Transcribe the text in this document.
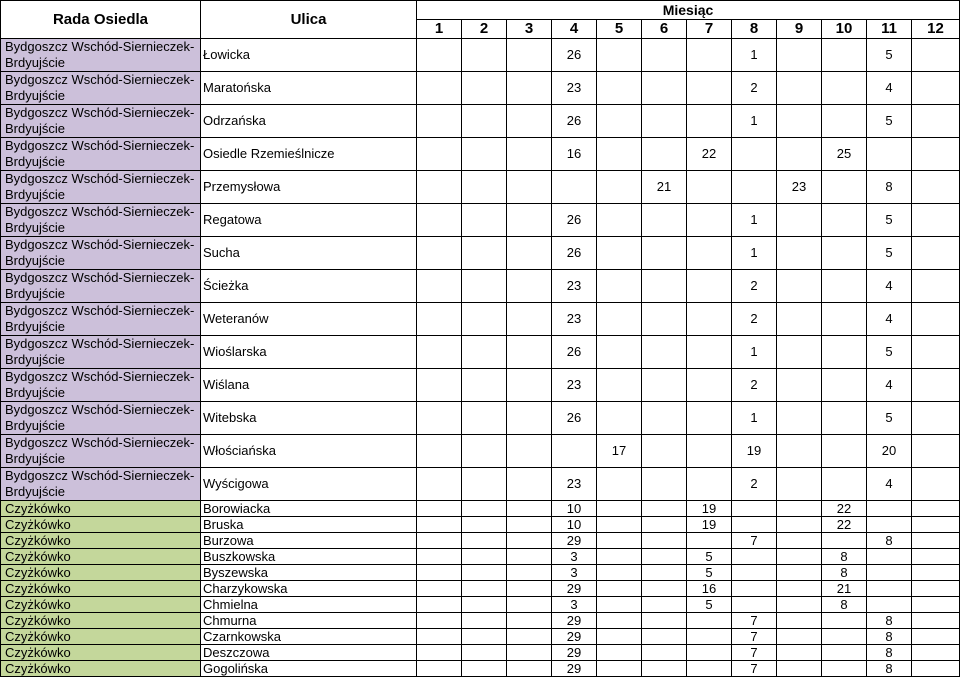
Rada Osiedla	Ulica	Miesiąc											
		1	2	3	4	5	6	7	8	9	10	11	12
Bydgoszcz Wschód-Siernieczek-Brdyujście	Łowicka				26				1			5	
Bydgoszcz Wschód-Siernieczek-Brdyujście	Maratońska				23				2			4	
Bydgoszcz Wschód-Siernieczek-Brdyujście	Odrzańska				26				1			5	
Bydgoszcz Wschód-Siernieczek-Brdyujście	Osiedle Rzemieślnicze				16			22			25		
Bydgoszcz Wschód-Siernieczek-Brdyujście	Przemysłowa						21			23		8	
Bydgoszcz Wschód-Siernieczek-Brdyujście	Regatowa				26				1			5	
Bydgoszcz Wschód-Siernieczek-Brdyujście	Sucha				26				1			5	
Bydgoszcz Wschód-Siernieczek-Brdyujście	Ścieżka				23				2			4	
Bydgoszcz Wschód-Siernieczek-Brdyujście	Weteranów				23				2			4	
Bydgoszcz Wschód-Siernieczek-Brdyujście	Wioślarska				26				1			5	
Bydgoszcz Wschód-Siernieczek-Brdyujście	Wiślana				23				2			4	
Bydgoszcz Wschód-Siernieczek-Brdyujście	Witebska				26				1			5	
Bydgoszcz Wschód-Siernieczek-Brdyujście	Włościańska					17			19			20	
Bydgoszcz Wschód-Siernieczek-Brdyujście	Wyścigowa				23				2			4	
Czyżkówko	Borowiacka				10			19			22		
Czyżkówko	Bruska				10			19			22		
Czyżkówko	Burzowa				29				7			8	
Czyżkówko	Buszkowska				3			5			8		
Czyżkówko	Byszewska				3			5			8		
Czyżkówko	Charzykowska				29			16			21		
Czyżkówko	Chmielna				3			5			8		
Czyżkówko	Chmurna				29				7			8	
Czyżkówko	Czarnkowska				29				7			8	
Czyżkówko	Deszczowa				29				7			8	
Czyżkówko	Gogolińska				29				7			8	
